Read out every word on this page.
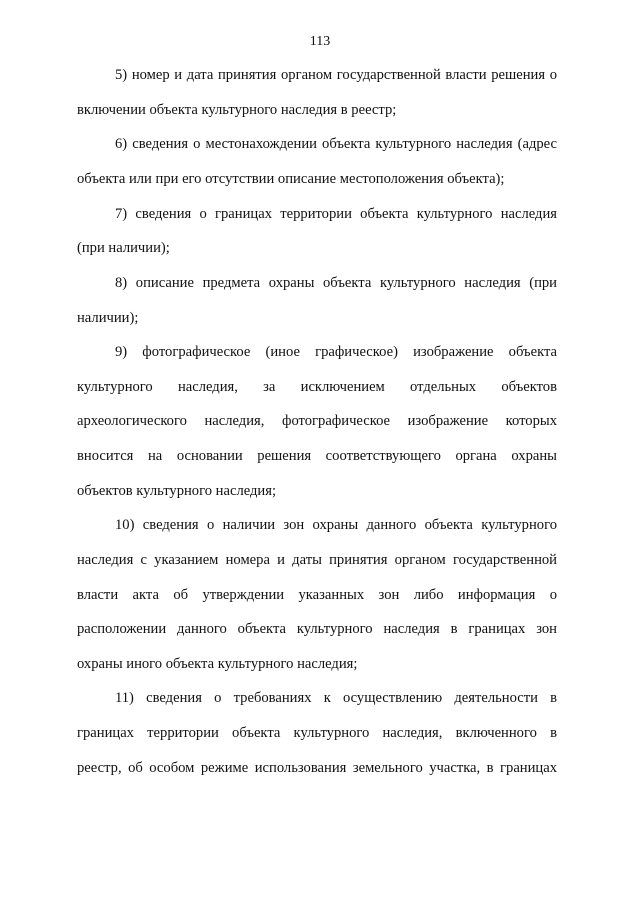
113
5) номер и дата принятия органом государственной власти решения о
включении объекта культурного наследия в реестр;
6) сведения о местонахождении объекта культурного наследия (адрес
объекта или при его отсутствии описание местоположения объекта);
7) сведения о границах территории объекта культурного наследия
(при наличии);
8) описание предмета охраны объекта культурного наследия (при
наличии);
9) фотографическое (иное графическое) изображение объекта
культурного наследия, за исключением отдельных объектов
археологического наследия, фотографическое изображение которых
вносится на основании решения соответствующего органа охраны
объектов культурного наследия;
10) сведения о наличии зон охраны данного объекта культурного
наследия с указанием номера и даты принятия органом государственной
власти акта об утверждении указанных зон либо информация о
расположении данного объекта культурного наследия в границах зон
охраны иного объекта культурного наследия;
11) сведения о требованиях к осуществлению деятельности в
границах территории объекта культурного наследия, включенного в
реестр, об особом режиме использования земельного участка, в границах
